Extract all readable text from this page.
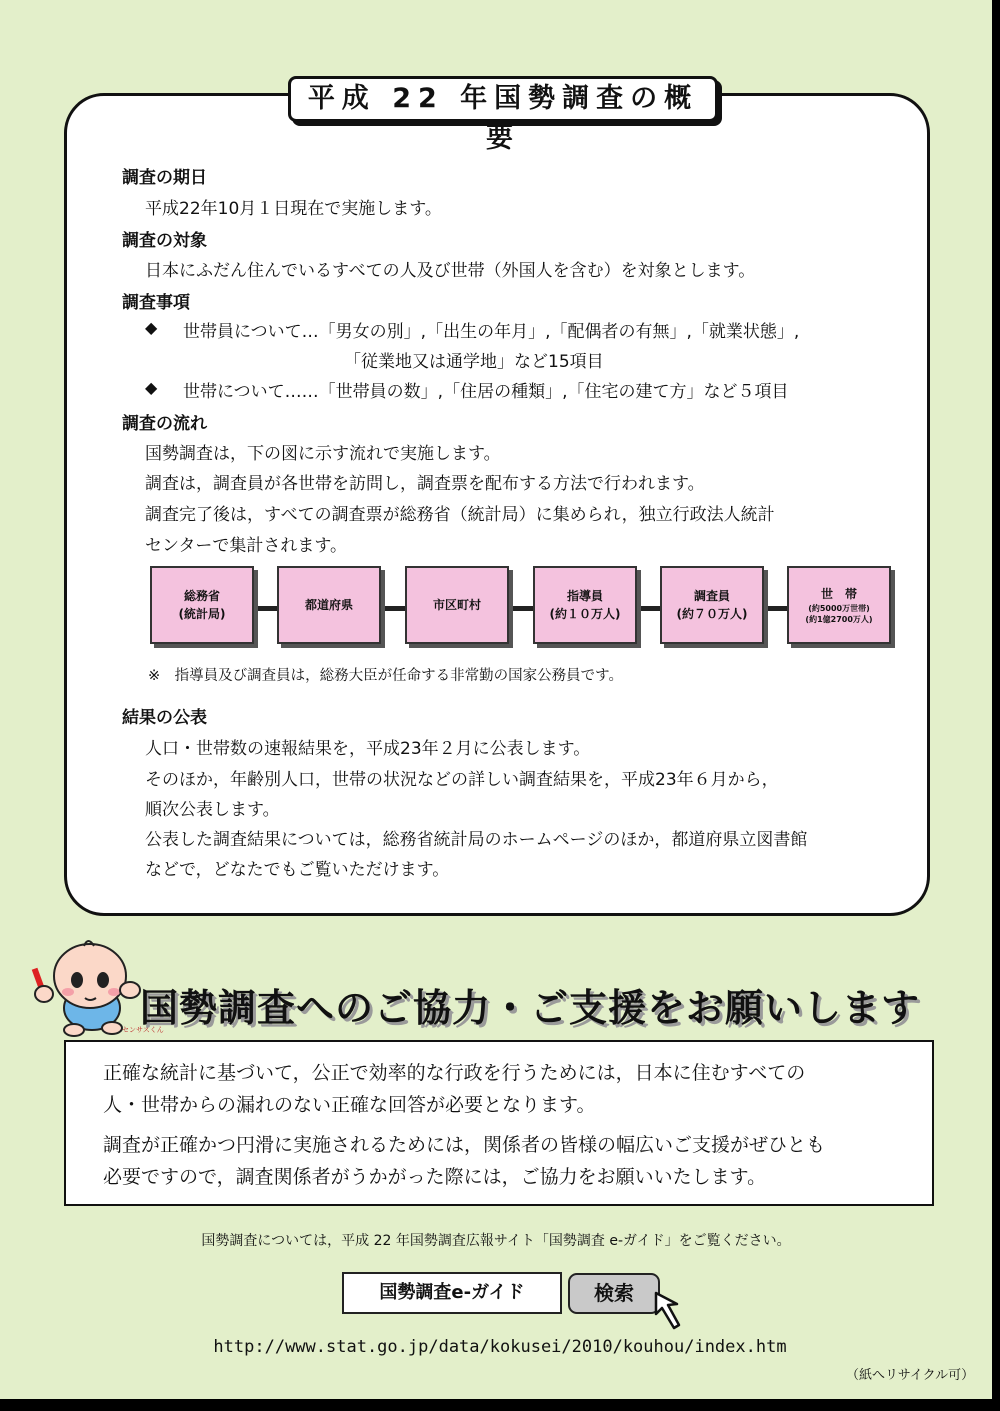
平成 22 年国勢調査の概要
調査の期日
平成22年10月１日現在で実施します。
調査の対象
日本にふだん住んでいるすべての人及び世帯（外国人を含む）を対象とします。
調査事項
◆ 世帯員について…「男女の別」,「出生の年月」,「配偶者の有無」,「就業状態」,
「従業地又は通学地」など15項目
◆ 世帯について……「世帯員の数」,「住居の種類」,「住宅の建て方」など５項目
調査の流れ
国勢調査は，下の図に示す流れで実施します。
調査は，調査員が各世帯を訪問し，調査票を配布する方法で行われます。
調査完了後は，すべての調査票が総務省（統計局）に集められ，独立行政法人統計
センターで集計されます。
総務省
(統計局)
都道府県	市区町村
指導員
(約１０万人)
調査員
(約７０万人)
世　帯
(約5000万世帯)
(約1億2700万人)
※　指導員及び調査員は，総務大臣が任命する非常勤の国家公務員です。
結果の公表
人口・世帯数の速報結果を，平成23年２月に公表します。
そのほか，年齢別人口，世帯の状況などの詳しい調査結果を，平成23年６月から，
順次公表します。
公表した調査結果については，総務省統計局のホームページのほか，都道府県立図書館
などで，どなたでもご覧いただけます。
センサスくん
国勢調査へのご協力・ご支援をお願いします

正確な統計に基づいて，公正で効率的な行政を行うためには，日本に住むすべての

人・世帯からの漏れのない正確な回答が必要となります。

調査が正確かつ円滑に実施されるためには，関係者の皆様の幅広いご支援がぜひとも

必要ですので，調査関係者がうかがった際には，ご協力をお願いいたします。

国勢調査については，平成 22 年国勢調査広報サイト「国勢調査 e-ガイド」をご覧ください。
国勢調査e-ガイド	検索
http://www.stat.go.jp/data/kokusei/2010/kouhou/index.htm
（紙へリサイクル可）
